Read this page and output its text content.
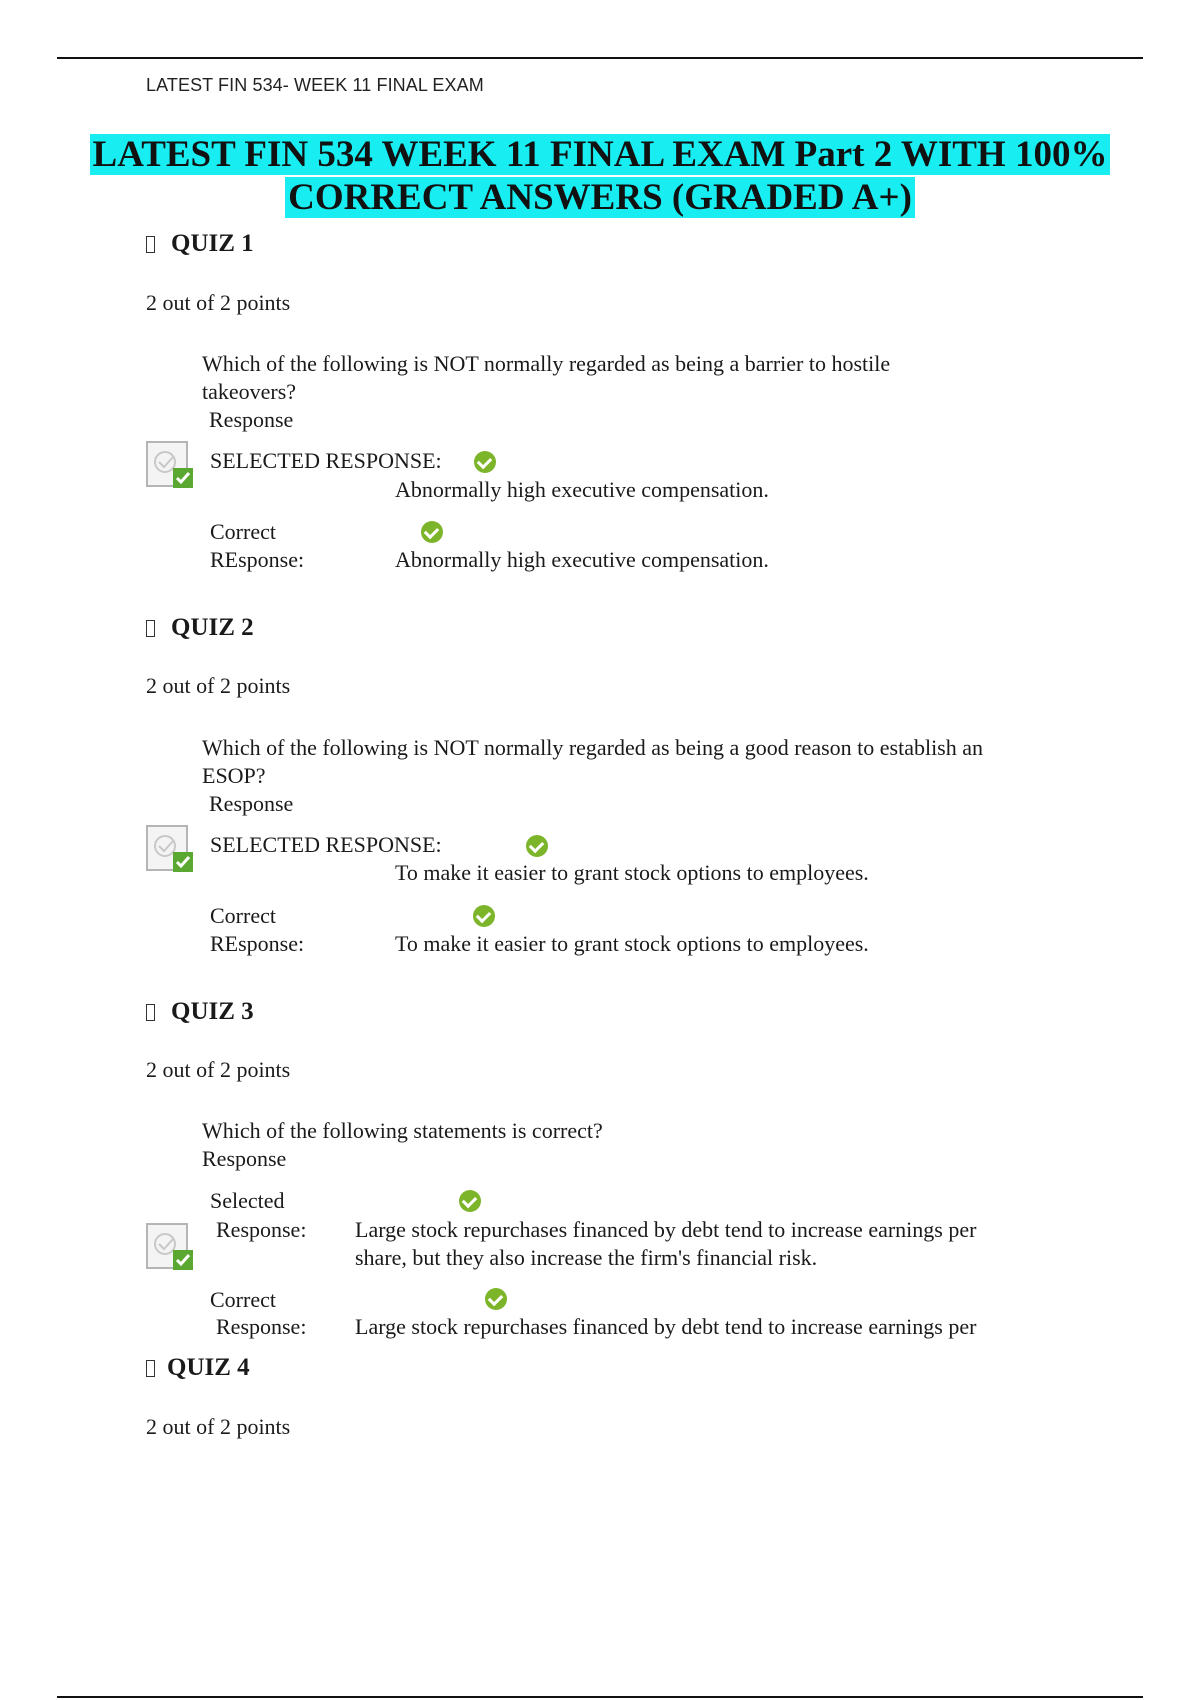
LATEST FIN 534- WEEK 11 FINAL EXAM
LATEST FIN 534 WEEK 11 FINAL EXAM Part 2 WITH 100%
CORRECT ANSWERS (GRADED A+)
QUIZ 1
2 out of 2 points
Which of the following is NOT normally regarded as being a barrier to hostile
takeovers?
Response
SELECTED RESPONSE:

Abnormally high executive compensation.
Correct

REsponse:	Abnormally high executive compensation.
QUIZ 2
2 out of 2 points
Which of the following is NOT normally regarded as being a good reason to establish an
ESOP?
Response
SELECTED RESPONSE:

To make it easier to grant stock options to employees.
Correct

REsponse:	To make it easier to grant stock options to employees.
QUIZ 3
2 out of 2 points
Which of the following statements is correct?
Response
Selected

Response: Large stock repurchases financed by debt tend to increase earnings per
share, but they also increase the firm's financial risk.
Correct
Response: Large stock repurchases financed by debt tend to increase earnings per
QUIZ 4
2 out of 2 points
